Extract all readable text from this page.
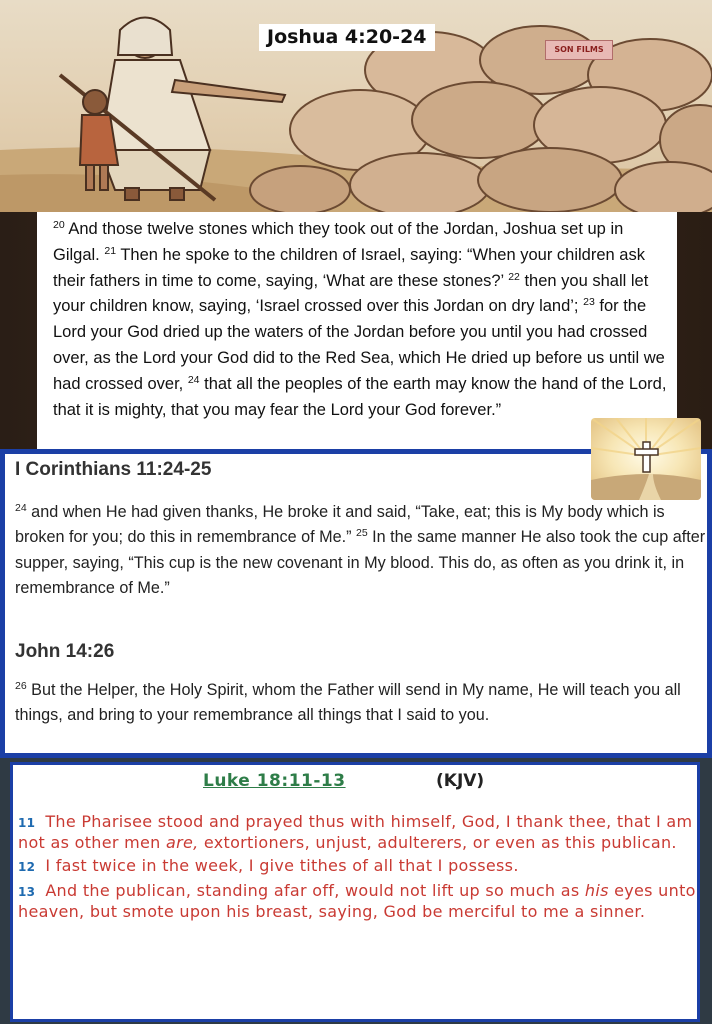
Joshua 4:20-24
SON FILMS
$^{20}$ And those twelve stones which they took out of the Jordan, Joshua set up in Gilgal. $^{21}$ Then he spoke to the children of Israel, saying: “When your children ask their fathers in time to come, saying, ‘What are these stones?’ $^{22}$ then you shall let your children know, saying, ‘Israel crossed over this Jordan on dry land’; $^{23}$ for the Lord your God dried up the waters of the Jordan before you until you had crossed over, as the Lord your God did to the Red Sea, which He dried up before us until we had crossed over, $^{24}$ that all the peoples of the earth may know the hand of the Lord, that it is mighty, that you may fear the Lord your God forever.”
I Corinthians 11:24-25
$^{24}$ and when He had given thanks, He broke it and said, “Take, eat; this is My body which is broken for you; do this in remembrance of Me.” $^{25}$ In the same manner He also took the cup after supper, saying, “This cup is the new covenant in My blood. This do, as often as you drink it, in remembrance of Me.”
John 14:26
$^{26}$ But the Helper, the Holy Spirit, whom the Father will send in My name, He will teach you all things, and bring to your remembrance all things that I said to you.
Luke 18:11-13	(KJV)

11 The Pharisee stood and prayed thus with himself, God, I thank thee, that I am not as other men are, extortioners, unjust, adulterers, or even as this publican.

12 I fast twice in the week, I give tithes of all that I possess.

13 And the publican, standing afar off, would not lift up so much as his eyes unto heaven, but smote upon his breast, saying, God be merciful to me a sinner.
